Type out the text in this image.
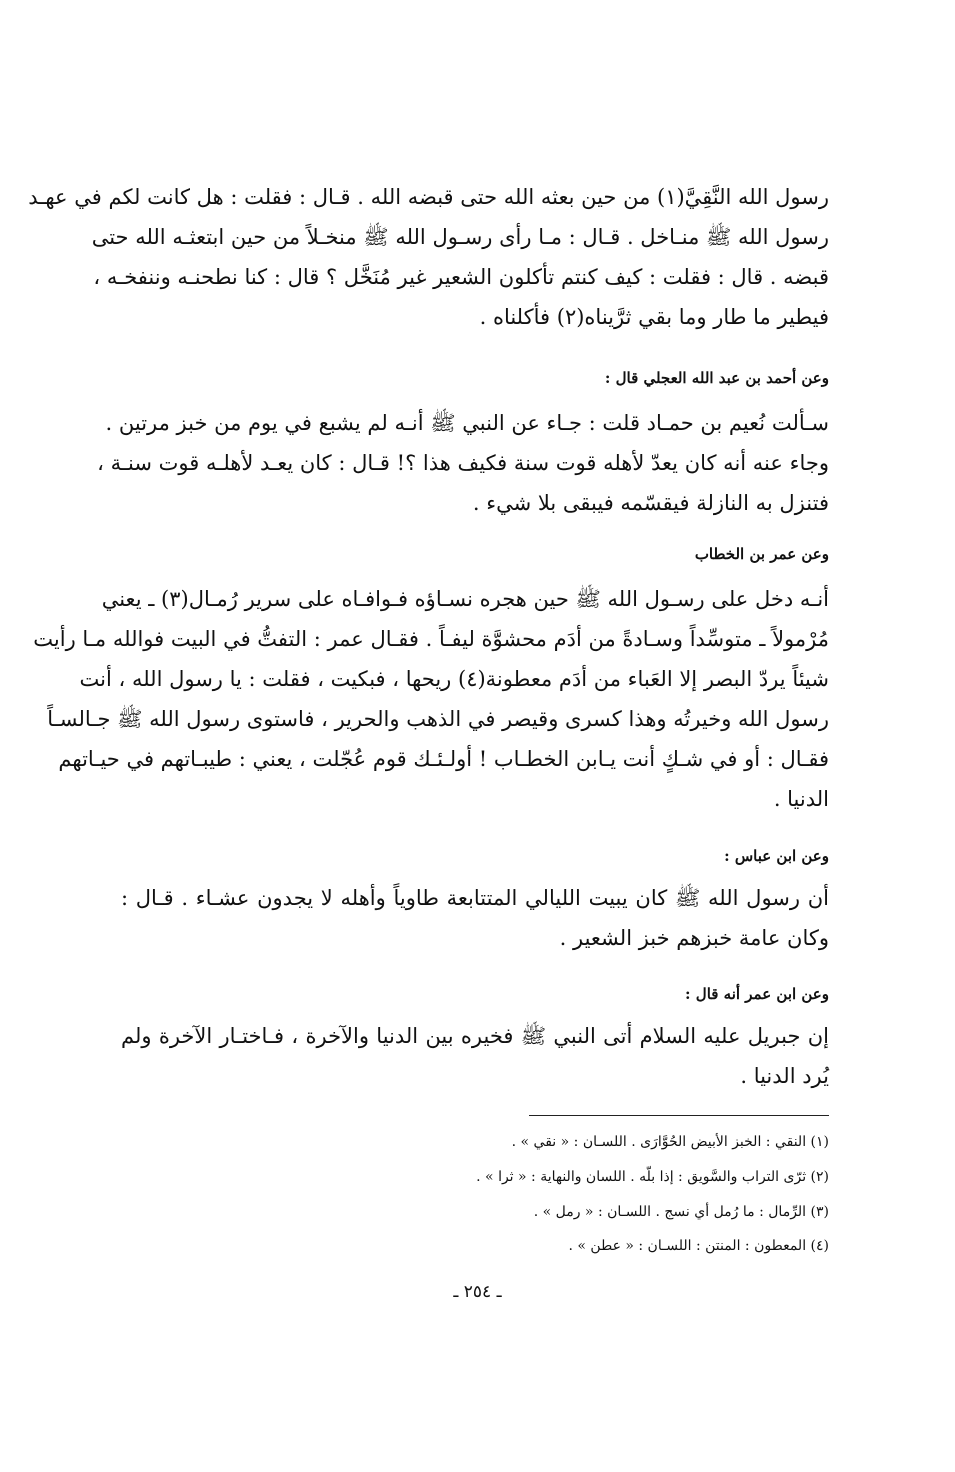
رسول الله النَّقِيَّ(١) من حين بعثه الله حتى قبضه الله . قـال : فقلت : هل كانت لكم في عهـد
رسول الله ﷺ منـاخل . قـال : مـا رأى رسـول الله ﷺ منخـلاً من حين ابتعثـه الله حتى
قبضه . قال : فقلت : كيف كنتم تأكلون الشعير غير مُنَخَّل ؟ قال : كنا نطحنـه وننفخـه ،
فيطير ما طار وما بقي ثرَّيناه(٢) فأكلناه .
وعن أحمد بن عبد الله العجلي قال :
سـألت نُعيم بن حمـاد قلت : جـاء عن النبي ﷺ أنـه لم يشبع في يوم من خبز مرتين .
وجاء عنه أنه كان يعدّ لأهله قوت سنة فكيف هذا ؟! قـال : كان يعـد لأهلـه قوت سنـة ،
فتنزل به النازلة فيقسّمه فيبقى بلا شيء .
وعن عمر بن الخطاب
أنـه دخل على رسـول الله ﷺ حين هجره نسـاؤه فـوافـاه على سرير رُمـال(٣) ـ يعني
مُرْمولاً ـ متوسِّداً وسـادةً من أدَم محشوَّة ليفـاً . فقـال عمر : التفتُّ في البيت فوالله مـا رأيت
شيئاً يردّ البصر إلا العَباء من أدَم معطونة(٤) ريحها ، فبكيت ، فقلت : يا رسول الله ، أنت
رسول الله وخيرتُه وهذا كسرى وقيصر في الذهب والحرير ، فاستوى رسول الله ﷺ جـالسـاً
فقـال : أو في شـكٍ أنت يـابن الخطـاب ! أولـئـك قوم عُجّلت ، يعني : طيبـاتهم في حيـاتهم
الدنيا .
وعن ابن عباس :
أن رسول الله ﷺ كان يبيت الليالي المتتابعة طاوياً وأهله لا يجدون عشـاء . قـال :
وكان عامة خبزهم خبز الشعير .
وعن ابن عمر أنه قال :
إن جبريل عليه السلام أتى النبي ﷺ فخيره بين الدنيا والآخرة ، فـاختـار الآخرة ولم
يُرد الدنيا .
(١) النقي : الخبز الأبيض الحُوَّارَى . اللسـان : « نقي » .
(٢) ثرّى التراب والسَّويق : إذا بلّه . اللسان والنهاية : « ثرا » .
(٣) الرِّمال : ما رُمل أي نسج . اللسـان : « رمل » .
(٤) المعطون : المنتن : اللسـان : « عطن » .
ـ ٢٥٤ ـ
